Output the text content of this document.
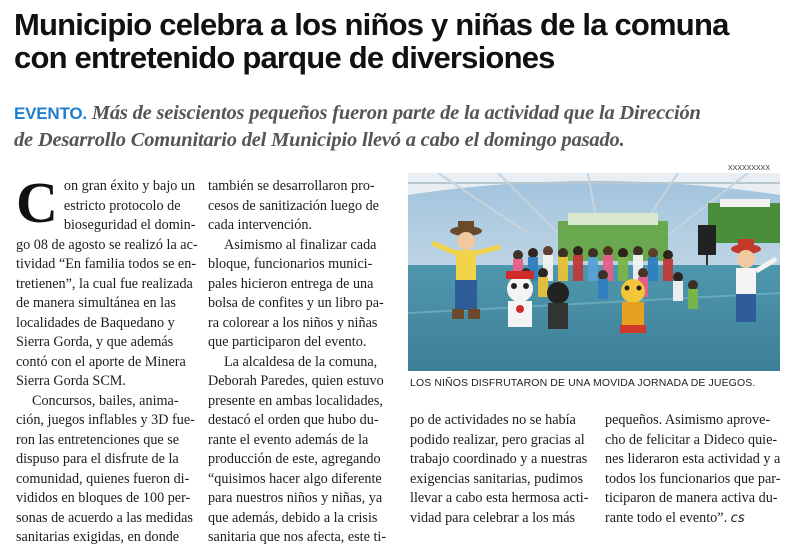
Municipio celebra a los niños y niñas de la comuna
con entretenido parque de diversiones
EVENTO. Más de seiscientos pequeños fueron parte de la actividad que la Dirección
de Desarrollo Comunitario del Municipio llevó a cabo el domingo pasado.
C on gran éxito y bajo un
estricto protocolo de
bioseguridad el domin-
go 08 de agosto se realizó la ac-
tividad “En familia todos se en-
tretienen”, la cual fue realizada
de manera simultánea en las
localidades de Baquedano y
Sierra Gorda, y que además
contó con el aporte de Minera
Sierra Gorda SCM.
Concursos, bailes, anima-
ción, juegos inflables y 3D fue-
ron las entretenciones que se
dispuso para el disfrute de la
comunidad, quienes fueron di-
vididos en bloques de 100 per-
sonas de acuerdo a las medidas
sanitarias exigidas, en donde
también se desarrollaron pro-
cesos de sanitización luego de
cada intervención.
Asimismo al finalizar cada
bloque, funcionarios munici-
pales hicieron entrega de una
bolsa de confites y un libro pa-
ra colorear a los niños y niñas
que participaron del evento.
La alcaldesa de la comuna,
Deborah Paredes, quien estuvo
presente en ambas localidades,
destacó el orden que hubo du-
rante el evento además de la
producción de este, agregando
“quisimos hacer algo diferente
para nuestros niños y niñas, ya
que además, debido a la crisis
sanitaria que nos afecta, este ti-
XXXXXXXXX
LOS NIÑOS DISFRUTARON DE UNA MOVIDA JORNADA DE JUEGOS.
po de actividades no se había
podido realizar, pero gracias al
trabajo coordinado y a nuestras
exigencias sanitarias, pudimos
llevar a cabo esta hermosa acti-
vidad para celebrar a los más
pequeños. Asimismo aprove-
cho de felicitar a Dideco quie-
nes lideraron esta actividad y a
todos los funcionarios que par-
ticiparon de manera activa du-
rante todo el evento”. cs
